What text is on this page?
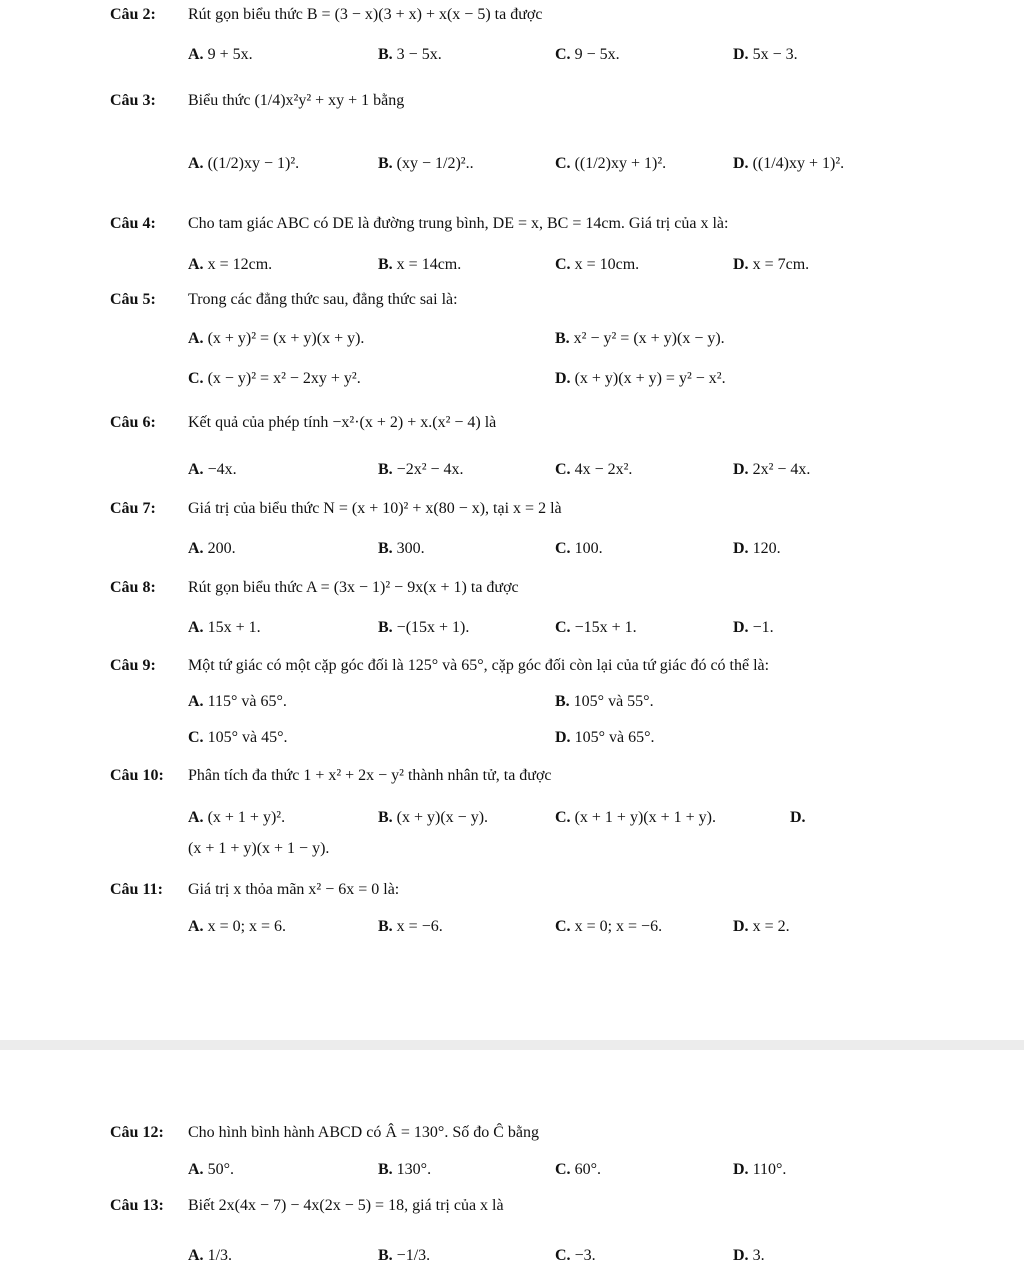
Câu 2: Rút gọn biểu thức B = (3 − x)(3 + x) + x(x − 5) ta được
A. 9 + 5x.	B. 3 − 5x.	C. 9 − 5x.	D. 5x − 3.
Câu 3: Biểu thức (1/4)x²y² + xy + 1 bằng
A. ((1/2)xy − 1)².	B. (xy − 1/2)²..	C. ((1/2)xy + 1)².	D. ((1/4)xy + 1)².
Câu 4: Cho tam giác ABC có DE là đường trung bình, DE = x, BC = 14cm. Giá trị của x là:
A. x = 12cm.	B. x = 14cm.	C. x = 10cm.	D. x = 7cm.
Câu 5: Trong các đẳng thức sau, đẳng thức sai là:
A. (x + y)² = (x + y)(x + y).	B. x² − y² = (x + y)(x − y).
C. (x − y)² = x² − 2xy + y².	D. (x + y)(x + y) = y² − x².
Câu 6: Kết quả của phép tính −x²·(x + 2) + x.(x² − 4) là
A. −4x.	B. −2x² − 4x.	C. 4x − 2x².	D. 2x² − 4x.
Câu 7: Giá trị của biểu thức N = (x + 10)² + x(80 − x), tại x = 2 là
A. 200.	B. 300.	C. 100.	D. 120.
Câu 8: Rút gọn biểu thức A = (3x − 1)² − 9x(x + 1) ta được
A. 15x + 1.	B. −(15x + 1).	C. −15x + 1.	D. −1.
Câu 9: Một tứ giác có một cặp góc đối là 125° và 65°, cặp góc đối còn lại của tứ giác đó có thể là:
A. 115° và 65°.	B. 105° và 55°.
C. 105° và 45°.	D. 105° và 65°.
Câu 10: Phân tích đa thức 1 + x² + 2x − y² thành nhân tử, ta được
A. (x + 1 + y)².	B. (x + y)(x − y).	C. (x + 1 + y)(x + 1 + y).	D.
(x + 1 + y)(x + 1 − y).
Câu 11: Giá trị x thỏa mãn x² − 6x = 0 là:
A. x = 0; x = 6.	B. x = −6.	C. x = 0; x = −6.	D. x = 2.
Câu 12: Cho hình bình hành ABCD có Â = 130°. Số đo Ĉ bằng
A. 50°.	B. 130°.	C. 60°.	D. 110°.
Câu 13: Biết 2x(4x − 7) − 4x(2x − 5) = 18, giá trị của x là
A. 1/3.	B. −1/3.	C. −3.	D. 3.
